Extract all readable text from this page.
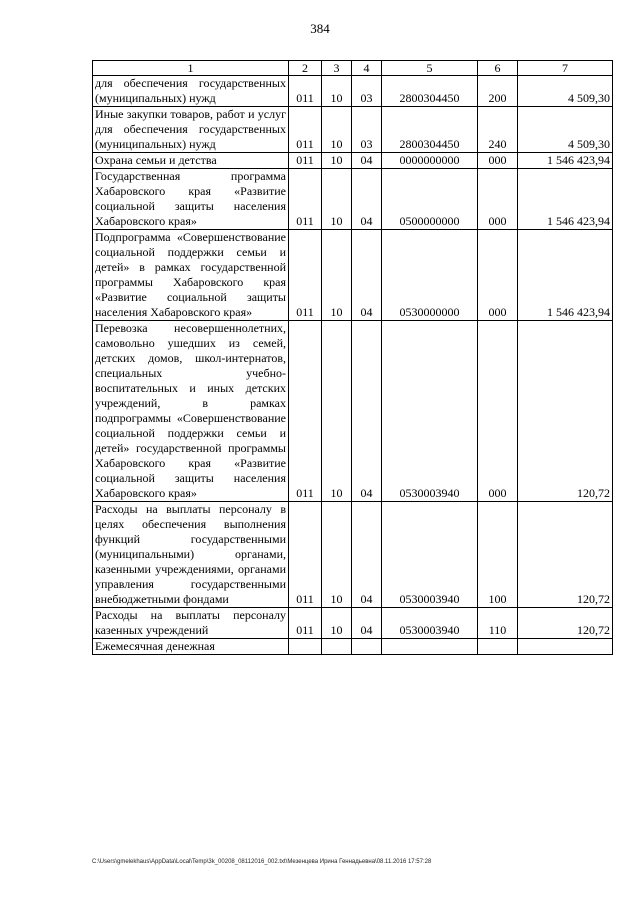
384
1	2	3	4	5	6	7
для обеспечения государственных (муниципальных) нужд	011	10	03	2800304450	200	4 509,30
Иные закупки товаров, работ и услуг для обеспечения государственных (муниципальных) нужд	011	10	03	2800304450	240	4 509,30
Охрана семьи и детства	011	10	04	0000000000	000	1 546 423,94
Государственная программа Хабаровского края «Развитие социальной защиты населения Хабаровского края»	011	10	04	0500000000	000	1 546 423,94
Подпрограмма «Совершенствование социальной поддержки семьи и детей» в рамках государственной программы Хабаровского края «Развитие социальной защиты населения Хабаровского края»	011	10	04	0530000000	000	1 546 423,94
Перевозка несовершеннолетних, самовольно ушедших из семей, детских домов, школ-интернатов, специальных учебно-воспитательных и иных детских учреждений, в рамках подпрограммы «Совершенствование социальной поддержки семьи и детей» государственной программы Хабаровского края «Развитие социальной защиты населения Хабаровского края»	011	10	04	0530003940	000	120,72
Расходы на выплаты персоналу в целях обеспечения выполнения функций государственными (муниципальными) органами, казенными учреждениями, органами управления государственными внебюджетными фондами	011	10	04	0530003940	100	120,72
Расходы на выплаты персоналу казенных учреждений	011	10	04	0530003940	110	120,72
Ежемесячная денежная						
C:\Users\gmelekhaus\AppData\Local\Temp\3k_00208_08112016_002.txt\Мезенцева Ирина Геннадьевна\08.11.2016 17:57:28
